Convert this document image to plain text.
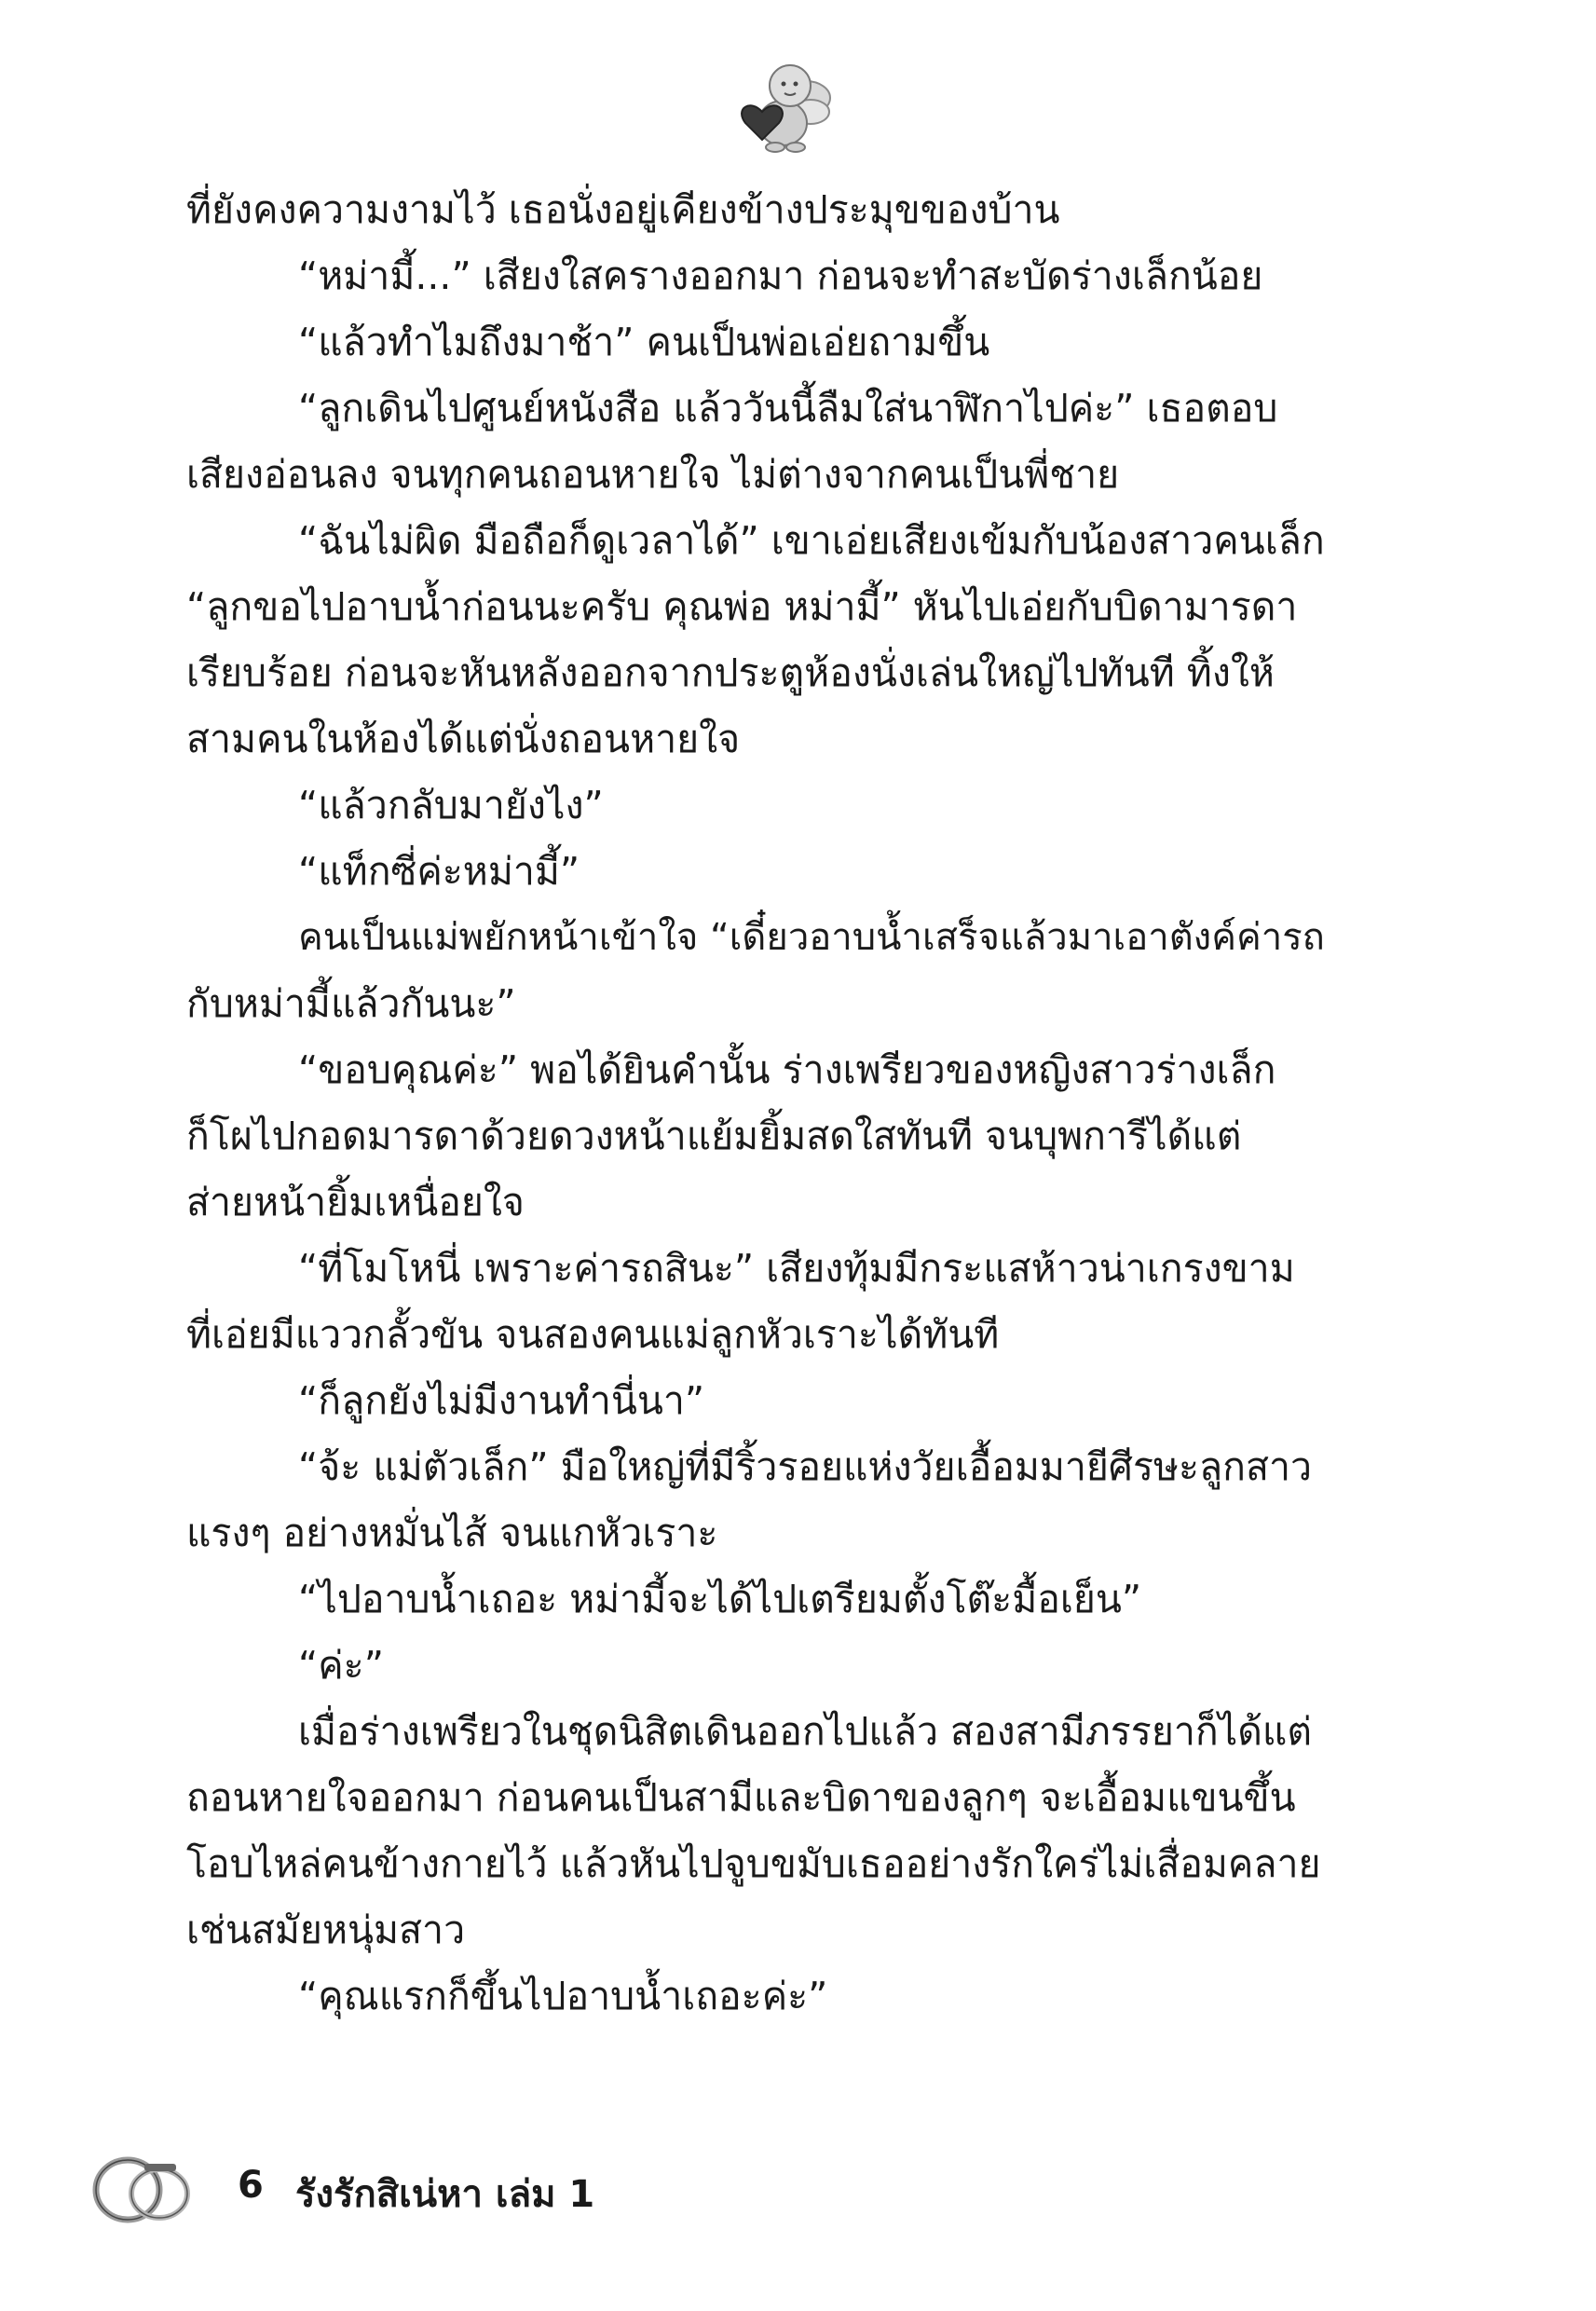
ที่ยังคงความงามไว้ เธอนั่งอยู่เคียงข้างประมุขของบ้าน
“หม่ามี้...” เสียงใสครางออกมา ก่อนจะทำสะบัดร่างเล็กน้อย
“แล้วทำไมถึงมาช้า” คนเป็นพ่อเอ่ยถามขึ้น
“ลูกเดินไปศูนย์หนังสือ แล้ววันนี้ลืมใส่นาฬิกาไปค่ะ” เธอตอบ
เสียงอ่อนลง จนทุกคนถอนหายใจ ไม่ต่างจากคนเป็นพี่ชาย
“ฉันไม่ผิด มือถือก็ดูเวลาได้” เขาเอ่ยเสียงเข้มกับน้องสาวคนเล็ก
“ลูกขอไปอาบน้ำก่อนนะครับ คุณพ่อ หม่ามี้” หันไปเอ่ยกับบิดามารดา
เรียบร้อย ก่อนจะหันหลังออกจากประตูห้องนั่งเล่นใหญ่ไปทันที ทิ้งให้
สามคนในห้องได้แต่นั่งถอนหายใจ
“แล้วกลับมายังไง”
“แท็กซี่ค่ะหม่ามี้”
คนเป็นแม่พยักหน้าเข้าใจ “เดี๋ยวอาบน้ำเสร็จแล้วมาเอาตังค์ค่ารถ
กับหม่ามี้แล้วกันนะ”
“ขอบคุณค่ะ” พอได้ยินคำนั้น ร่างเพรียวของหญิงสาวร่างเล็ก
ก็โผไปกอดมารดาด้วยดวงหน้าแย้มยิ้มสดใสทันที จนบุพการีได้แต่
ส่ายหน้ายิ้มเหนื่อยใจ
“ที่โมโหนี่ เพราะค่ารถสินะ” เสียงทุ้มมีกระแสห้าวน่าเกรงขาม
ที่เอ่ยมีแววกลั้วขัน จนสองคนแม่ลูกหัวเราะได้ทันที
“ก็ลูกยังไม่มีงานทำนี่นา”
“จ้ะ แม่ตัวเล็ก” มือใหญ่ที่มีริ้วรอยแห่งวัยเอื้อมมายีศีรษะลูกสาว
แรงๆ อย่างหมั่นไส้ จนแกหัวเราะ
“ไปอาบน้ำเถอะ หม่ามี้จะได้ไปเตรียมตั้งโต๊ะมื้อเย็น”
“ค่ะ”
เมื่อร่างเพรียวในชุดนิสิตเดินออกไปแล้ว สองสามีภรรยาก็ได้แต่
ถอนหายใจออกมา ก่อนคนเป็นสามีและบิดาของลูกๆ จะเอื้อมแขนขึ้น
โอบไหล่คนข้างกายไว้ แล้วหันไปจูบขมับเธออย่างรักใคร่ไม่เสื่อมคลาย
เช่นสมัยหนุ่มสาว
“คุณแรกก็ขึ้นไปอาบน้ำเถอะค่ะ”
6 รังรักสิเน่หา เล่ม 1
